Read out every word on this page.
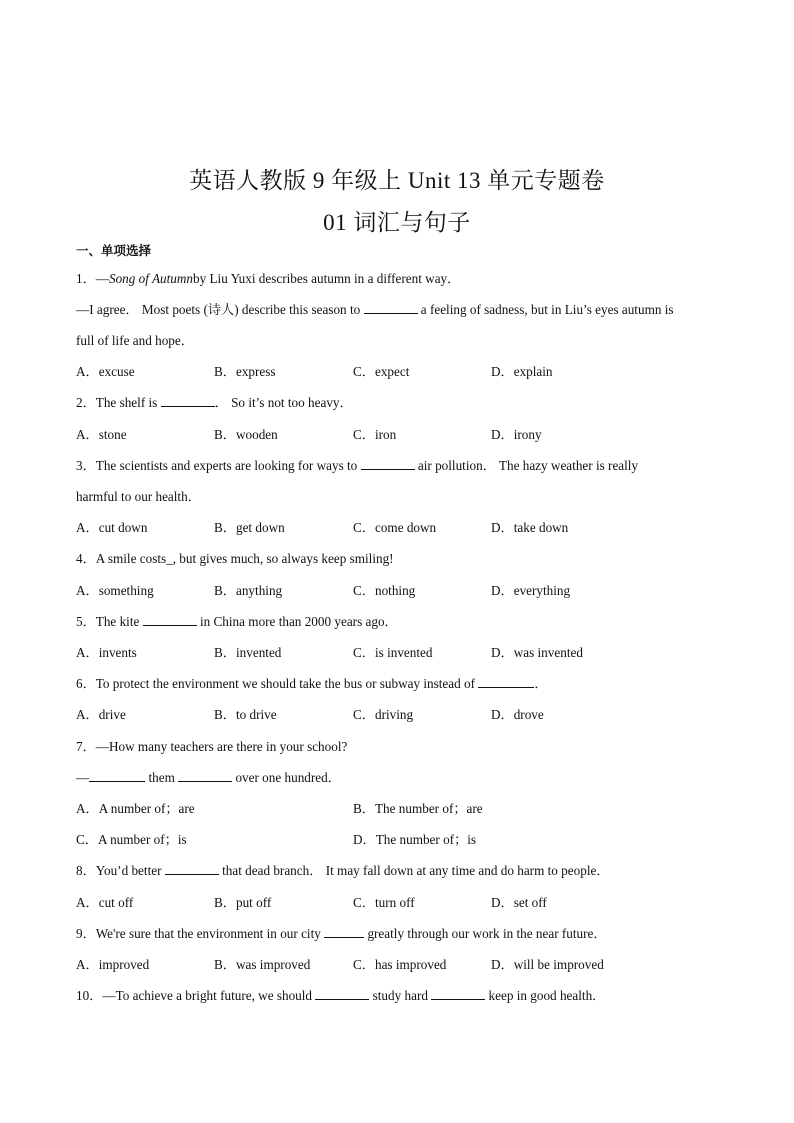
英语人教版 9 年级上 Unit 13 单元专题卷
01 词汇与句子
一、单项选择
1．—Song of Autumnby Liu Yuxi describes autumn in a different way．
—I agree． Most poets (诗人) describe this season to	a feeling of sadness, but in Liu’s eyes autumn is
full of life and hope．
A．excuse	B．express	C．expect	D．explain
2．The shelf is	． So it’s not too heavy．
A．stone	B．wooden	C．iron	D．irony
3．The scientists and experts are looking for ways to	air pollution． The hazy weather is really
harmful to our health．
A．cut down	B．get down	C．come down	D．take down
4．A smile costs_, but gives much, so always keep smiling!
A．something	B．anything	C．nothing	D．everything
5．The kite	in China more than 2000 years ago．
A．invents	B．invented	C．is invented	D．was invented
6．To protect the environment we should take the bus or subway instead of	．
A．drive	B．to drive	C．driving	D．drove
7．—How many teachers are there in your school?
—	them	over one hundred．
A．A number of；are	B．The number of；are
C．A number of；is	D．The number of；is
8．You’d better	that dead branch． It may fall down at any time and do harm to people．
A．cut off	B．put off	C．turn off	D．set off
9．We're sure that the environment in our city	greatly through our work in the near future．
A．improved	B．was improved	C．has improved	D．will be improved
10．—To achieve a bright future, we should	study hard	keep in good health．
